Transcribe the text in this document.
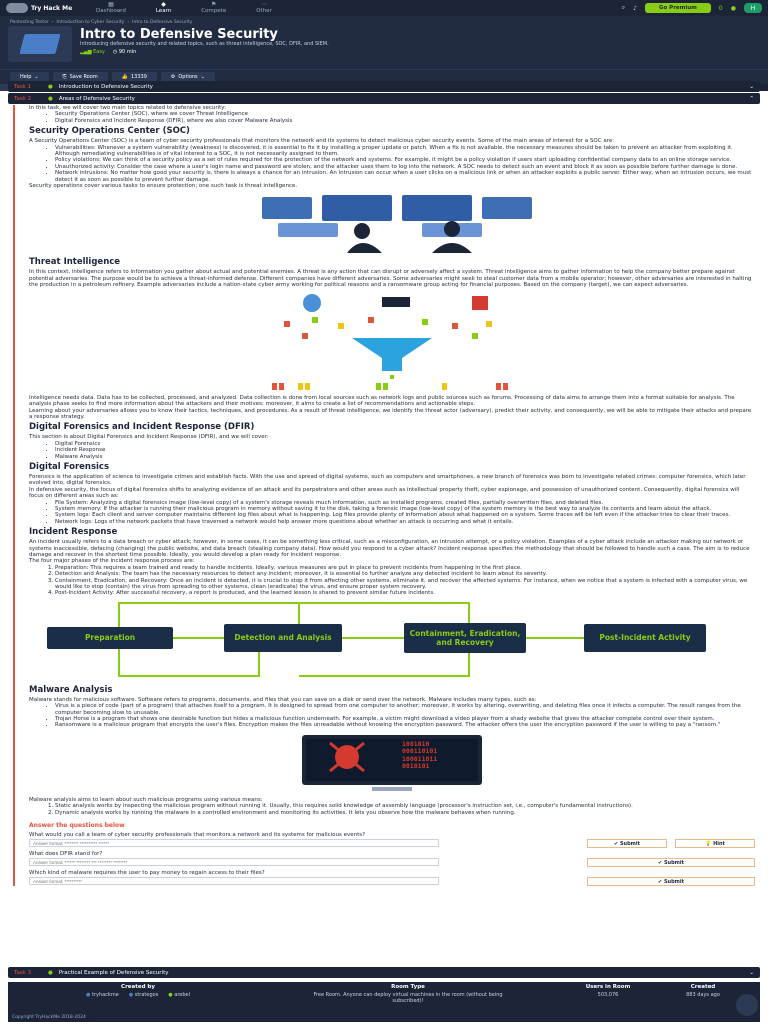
Try Hack Me	▦
Dashboard
◆
Learn
⚑
Compete
⋯
Other	⌕ ♪	Go Premium	0 ●	H
Pentesting Tester › Introduction to Cyber Security › Intro to Defensive Security
Intro to Defensive Security
Introducing defensive security and related topics, such as threat intelligence, SOC, DFIR, and SIEM.
▂▄▆ Easy ◷ 90 min
Help ⌄	⎘ Save Room	👍 13339	⚙ Options ⌄
Task 1	● Introduction to Defensive Security	⌄
Task 2	● Areas of Defensive Security	⌃

In this task, we will cover two main topics related to defensive security:

• Security Operations Center (SOC), where we cover Threat Intelligence
• Digital Forensics and Incident Response (DFIR), where we also cover Malware Analysis
Security Operations Center (SOC)

A Security Operations Center (SOC) is a team of cyber security professionals that monitors the network and its systems to detect malicious cyber security events. Some of the main areas of interest for a SOC are:

• Vulnerabilities: Whenever a system vulnerability (weakness) is discovered, it is essential to fix it by installing a proper update or patch. When a fix is not available, the necessary measures should be taken to prevent an attacker from exploiting it. Although remediating vulnerabilities is of vital interest to a SOC, it is not necessarily assigned to them.
• Policy violations: We can think of a security policy as a set of rules required for the protection of the network and systems. For example, it might be a policy violation if users start uploading confidential company data to an online storage service.
• Unauthorized activity: Consider the case where a user's login name and password are stolen, and the attacker uses them to log into the network. A SOC needs to detect such an event and block it as soon as possible before further damage is done.
• Network intrusions: No matter how good your security is, there is always a chance for an intrusion. An intrusion can occur when a user clicks on a malicious link or when an attacker exploits a public server. Either way, when an intrusion occurs, we must detect it as soon as possible to prevent further damage.

Security operations cover various tasks to ensure protection; one such task is threat intelligence.

Threat Intelligence

In this context, intelligence refers to information you gather about actual and potential enemies. A threat is any action that can disrupt or adversely affect a system. Threat intelligence aims to gather information to help the company better prepare against potential adversaries. The purpose would be to achieve a threat-informed defense. Different companies have different adversaries. Some adversaries might seek to steal customer data from a mobile operator; however, other adversaries are interested in halting the production in a petroleum refinery. Example adversaries include a nation-state cyber army working for political reasons and a ransomware group acting for financial purposes. Based on the company (target), we can expect adversaries.

Intelligence needs data. Data has to be collected, processed, and analyzed. Data collection is done from local sources such as network logs and public sources such as forums. Processing of data aims to arrange them into a format suitable for analysis. The analysis phase seeks to find more information about the attackers and their motives; moreover, it aims to create a list of recommendations and actionable steps.

Learning about your adversaries allows you to know their tactics, techniques, and procedures. As a result of threat intelligence, we identify the threat actor (adversary), predict their activity, and consequently, we will be able to mitigate their attacks and prepare a response strategy.

Digital Forensics and Incident Response (DFIR)

This section is about Digital Forensics and Incident Response (DFIR), and we will cover:

• Digital Forensics
• Incident Response
• Malware Analysis
Digital Forensics

Forensics is the application of science to investigate crimes and establish facts. With the use and spread of digital systems, such as computers and smartphones, a new branch of forensics was born to investigate related crimes: computer forensics, which later evolved into, digital forensics.

In defensive security, the focus of digital forensics shifts to analyzing evidence of an attack and its perpetrators and other areas such as intellectual property theft, cyber espionage, and possession of unauthorized content. Consequently, digital forensics will focus on different areas such as:

• File System: Analyzing a digital forensics image (low-level copy) of a system's storage reveals much information, such as installed programs, created files, partially overwritten files, and deleted files.
• System memory: If the attacker is running their malicious program in memory without saving it to the disk, taking a forensic image (low-level copy) of the system memory is the best way to analyze its contents and learn about the attack.
• System logs: Each client and server computer maintains different log files about what is happening. Log files provide plenty of information about what happened on a system. Some traces will be left even if the attacker tries to clear their traces.
• Network logs: Logs of the network packets that have traversed a network would help answer more questions about whether an attack is occurring and what it entails.
Incident Response

An incident usually refers to a data breach or cyber attack; however, in some cases, it can be something less critical, such as a misconfiguration, an intrusion attempt, or a policy violation. Examples of a cyber attack include an attacker making our network or systems inaccessible, defacing (changing) the public website, and data breach (stealing company data). How would you respond to a cyber attack? Incident response specifies the methodology that should be followed to handle such a case. The aim is to reduce damage and recover in the shortest time possible. Ideally, you would develop a plan ready for incident response.

The four major phases of the incident response process are:

1. Preparation: This requires a team trained and ready to handle incidents. Ideally, various measures are put in place to prevent incidents from happening in the first place.
2. Detection and Analysis: The team has the necessary resources to detect any incident; moreover, it is essential to further analyze any detected incident to learn about its severity.
3. Containment, Eradication, and Recovery: Once an incident is detected, it is crucial to stop it from affecting other systems, eliminate it, and recover the affected systems. For instance, when we notice that a system is infected with a computer virus, we would like to stop (contain) the virus from spreading to other systems, clean (eradicate) the virus, and ensure proper system recovery.
4. Post-Incident Activity: After successful recovery, a report is produced, and the learned lesson is shared to prevent similar future incidents.
Preparation	Detection and Analysis	Containment, Eradication, and Recovery	Post-Incident Activity
Malware Analysis

Malware stands for malicious software. Software refers to programs, documents, and files that you can save on a disk or send over the network. Malware includes many types, such as:

• Virus is a piece of code (part of a program) that attaches itself to a program. It is designed to spread from one computer to another; moreover, it works by altering, overwriting, and deleting files once it infects a computer. The result ranges from the computer becoming slow to unusable.
• Trojan Horse is a program that shows one desirable function but hides a malicious function underneath. For example, a victim might download a video player from a shady website that gives the attacker complete control over their system.
• Ransomware is a malicious program that encrypts the user's files. Encryption makes the files unreadable without knowing the encryption password. The attacker offers the user the encryption password if the user is willing to pay a "ransom."
1001010
000110101
100011011
0010101

Malware analysis aims to learn about such malicious programs using various means:

1. Static analysis works by inspecting the malicious program without running it. Usually, this requires solid knowledge of assembly language (processor's instruction set, i.e., computer's fundamental instructions).
2. Dynamic analysis works by running the malware in a controlled environment and monitoring its activities. It lets you observe how the malware behaves when running.
Answer the questions below
What would you call a team of cyber security professionals that monitors a network and its systems for malicious events?
Answer format: ******** ********** ******
✔
Submit	💡
Hint
What does DFIR stand for?
Answer format: ****** ******** *** ******** ********
✔
Submit
Which kind of malware requires the user to pay money to regain access to their files?
Answer format: **********
✔
Submit
Task 3	● Practical Example of Defensive Security	⌄
Created by
● tryhackme ● strategos ● arebel
Room Type
Free Room. Anyone can deploy virtual machines in the room (without being subscribed)!
Users in Room
503,076
Created
883 days ago
Copyright TryHackMe 2018-2024
